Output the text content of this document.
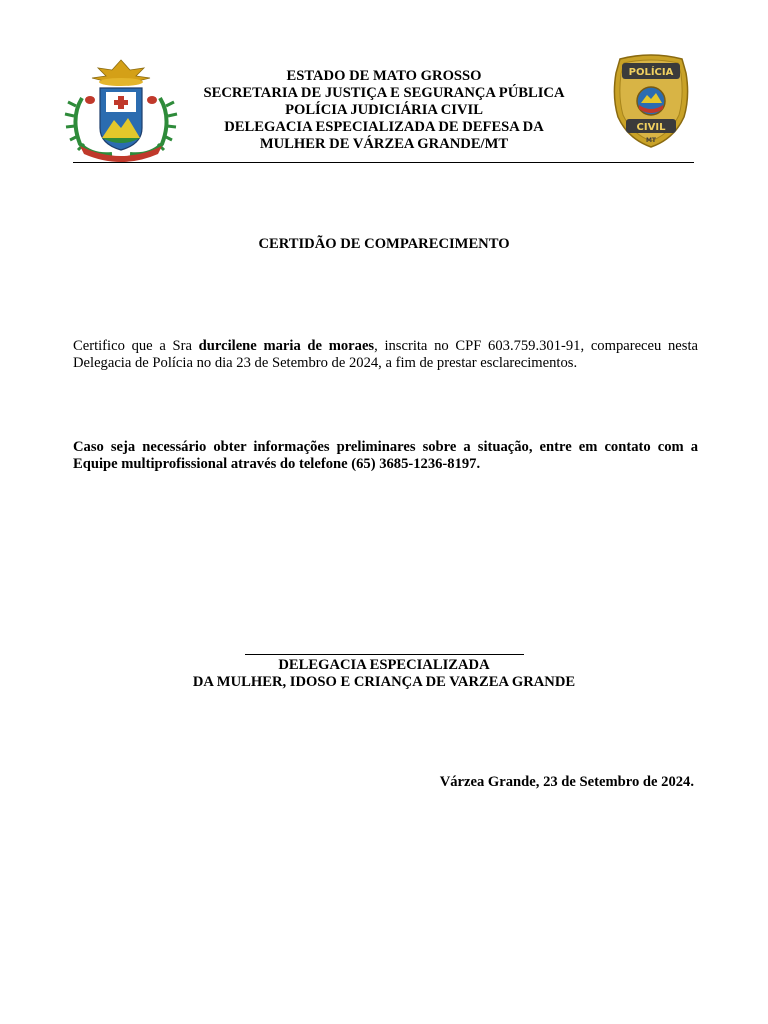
ESTADO DE MATO GROSSO
SECRETARIA DE JUSTIÇA E SEGURANÇA PÚBLICA
POLÍCIA JUDICIÁRIA CIVIL
DELEGACIA ESPECIALIZADA DE DEFESA DA
MULHER DE VÁRZEA GRANDE/MT
POLÍCIA
CIVIL
MT
CERTIDÃO DE COMPARECIMENTO
Certifico que a Sra durcilene maria de moraes, inscrita no CPF 603.759.301-91, compareceu nesta Delegacia de Polícia no dia 23 de Setembro de 2024, a fim de prestar esclarecimentos.
Caso seja necessário obter informações preliminares sobre a situação, entre em contato com a Equipe multiprofissional através do telefone (65) 3685-1236-8197.
DELEGACIA ESPECIALIZADA
DA MULHER, IDOSO E CRIANÇA DE VARZEA GRANDE
Várzea Grande, 23 de Setembro de 2024.
